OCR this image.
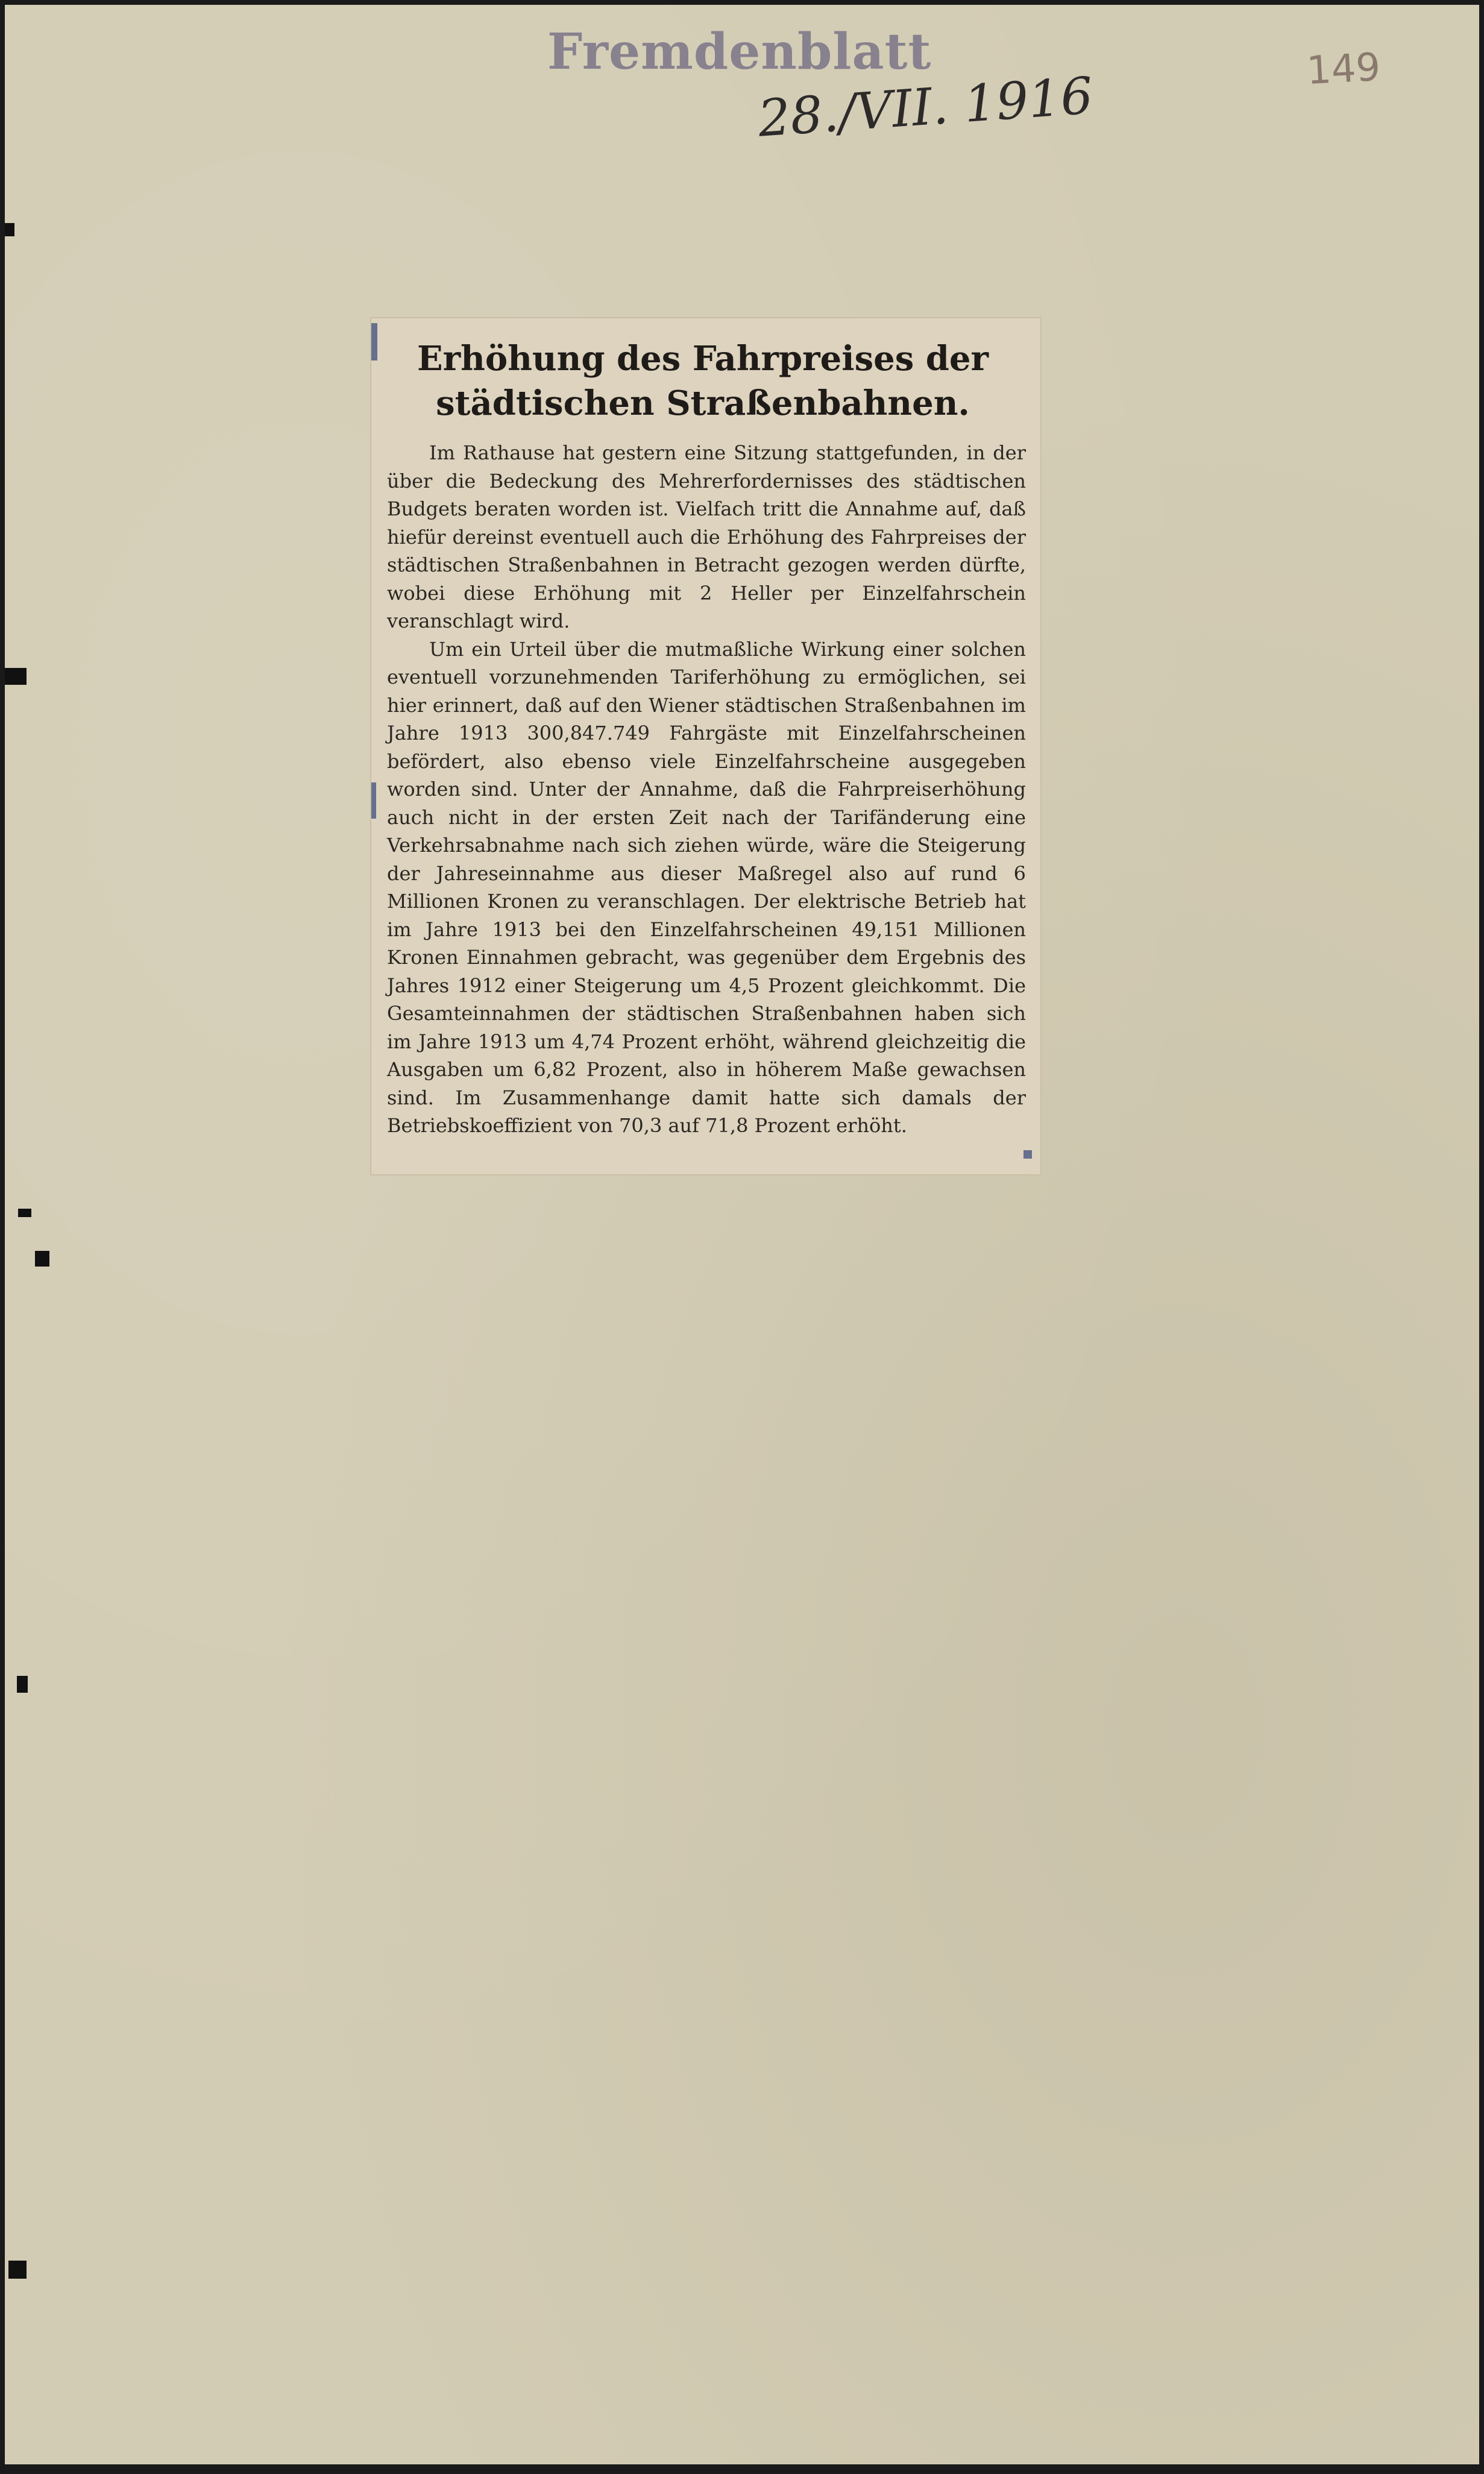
Fremdenblatt
28./VII. 1916	149
Erhöhung des Fahrpreises der städtischen Straßenbahnen.

Im Rathause hat gestern eine Sitzung stattgefunden, in der über die Bedeckung des Mehrerfordernisses des städtischen Budgets beraten worden ist. Vielfach tritt die Annahme auf, daß hiefür dereinst eventuell auch die Erhöhung des Fahrpreises der städtischen Straßenbahnen in Betracht gezogen werden dürfte, wobei diese Erhöhung mit 2 Heller per Einzelfahrschein veranschlagt wird.

Um ein Urteil über die mutmaßliche Wirkung einer solchen eventuell vorzunehmenden Tariferhöhung zu ermöglichen, sei hier erinnert, daß auf den Wiener städtischen Straßenbahnen im Jahre 1913 300,847.749 Fahrgäste mit Einzelfahrscheinen befördert, also ebenso viele Einzelfahrscheine ausgegeben worden sind. Unter der Annahme, daß die Fahrpreiserhöhung auch nicht in der ersten Zeit nach der Tarifänderung eine Verkehrsabnahme nach sich ziehen würde, wäre die Steigerung der Jahreseinnahme aus dieser Maßregel also auf rund 6 Millionen Kronen zu veranschlagen. Der elektrische Betrieb hat im Jahre 1913 bei den Einzelfahrscheinen 49,151 Millionen Kronen Einnahmen gebracht, was gegenüber dem Ergebnis des Jahres 1912 einer Steigerung um 4,5 Prozent gleichkommt. Die Gesamteinnahmen der städtischen Straßenbahnen haben sich im Jahre 1913 um 4,74 Prozent erhöht, während gleichzeitig die Ausgaben um 6,82 Prozent, also in höherem Maße gewachsen sind. Im Zusammenhange damit hatte sich damals der Betriebskoeffizient von 70,3 auf 71,8 Prozent erhöht.
